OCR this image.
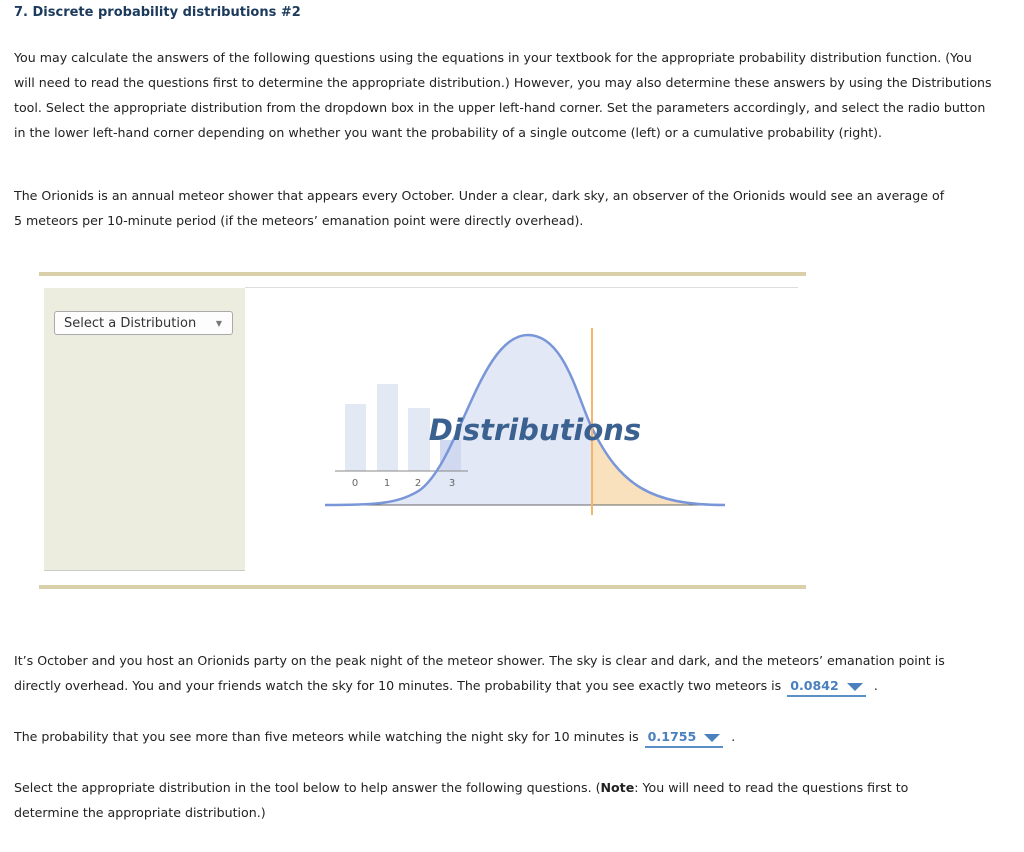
7. Discrete probability distributions #2
You may calculate the answers of the following questions using the equations in your textbook for the appropriate probability distribution function. (You will need to read the questions first to determine the appropriate distribution.) However, you may also determine these answers by using the Distributions tool. Select the appropriate distribution from the dropdown box in the upper left-hand corner. Set the parameters accordingly, and select the radio button in the lower left-hand corner depending on whether you want the probability of a single outcome (left) or a cumulative probability (right).
The Orionids is an annual meteor shower that appears every October. Under a clear, dark sky, an observer of the Orionids would see an average of
5 meteors per 10-minute period (if the meteors’ emanation point were directly overhead).
Select a Distribution ▼
0	1 2	3
Distributions
It’s October and you host an Orionids party on the peak night of the meteor shower. The sky is clear and dark, and the meteors’ emanation point is directly overhead. You and your friends watch the sky for 10 minutes. The probability that you see exactly two meteors is 0.0842	.
The probability that you see more than five meteors while watching the night sky for 10 minutes is 0.1755	.
Select the appropriate distribution in the tool below to help answer the following questions. (Note: You will need to read the questions first to determine the appropriate distribution.)
